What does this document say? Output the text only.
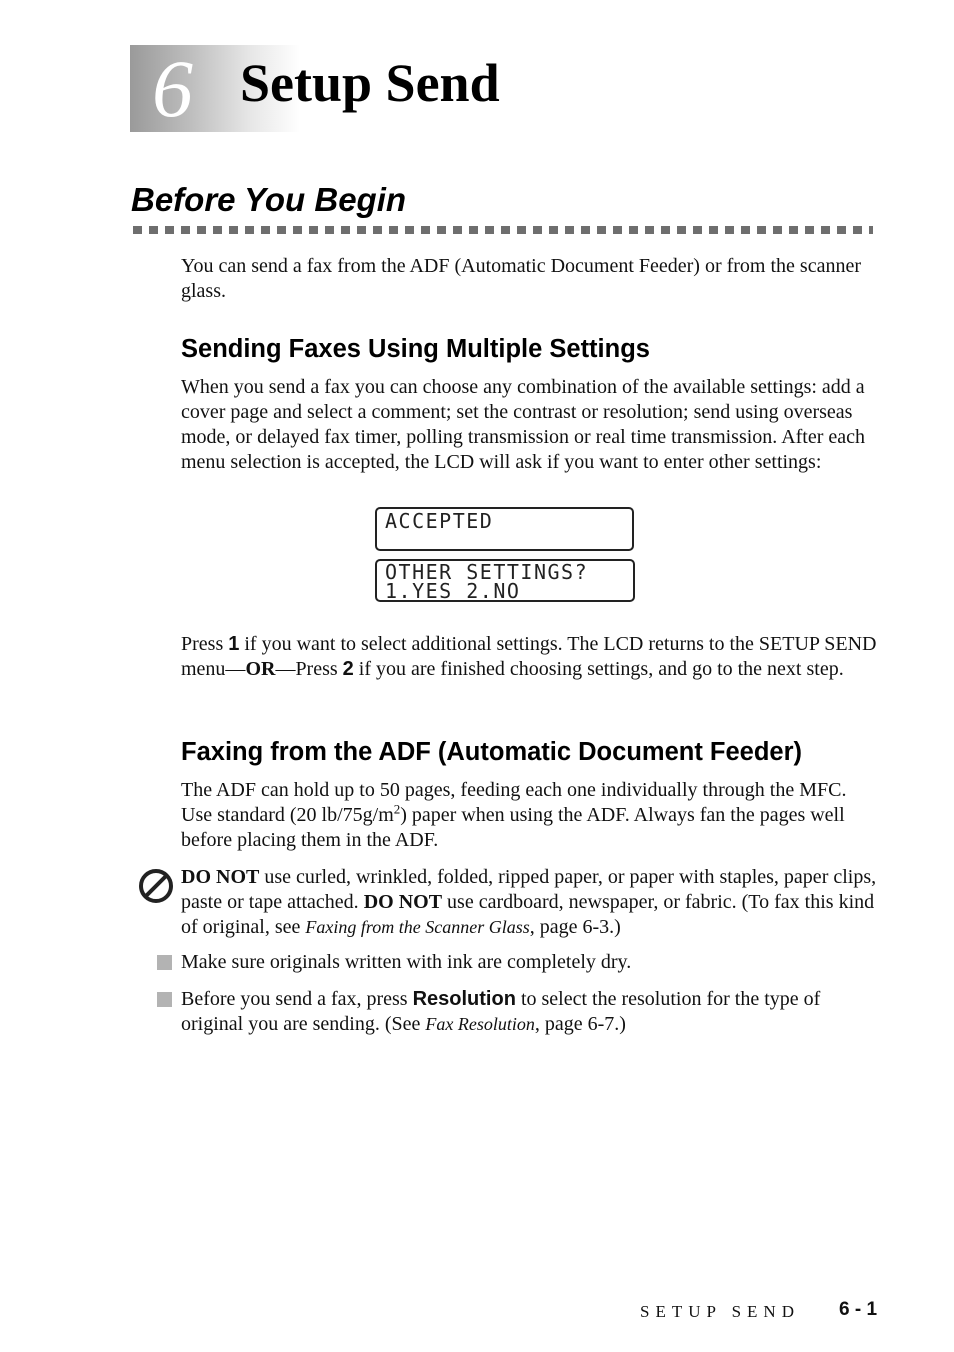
6 Setup Send
Before You Begin
You can send a fax from the ADF (Automatic Document Feeder) or from the scanner glass.
Sending Faxes Using Multiple Settings
When you send a fax you can choose any combination of the available settings: add a cover page and select a comment; set the contrast or resolution; send using overseas mode, or delayed fax timer, polling transmission or real time transmission. After each menu selection is accepted, the LCD will ask if you want to enter other settings:
ACCEPTED
OTHER SETTINGS?
1.YES 2.NO
Press 1 if you want to select additional settings. The LCD returns to the SETUP SEND menu—OR—Press 2 if you are finished choosing settings, and go to the next step.
Faxing from the ADF (Automatic Document Feeder)
The ADF can hold up to 50 pages, feeding each one individually through the MFC. Use standard (20 $lb/75g/m^2$) paper when using the ADF. Always fan the pages well before placing them in the ADF.
DO NOT use curled, wrinkled, folded, ripped paper, or paper with staples, paper clips, paste or tape attached. DO NOT use cardboard, newspaper, or fabric. (To fax this kind of original, see Faxing from the Scanner Glass, page 6-3.)
Make sure originals written with ink are completely dry.
Before you send a fax, press Resolution to select the resolution for the type of original you are sending. (See Fax Resolution, page 6-7.)
SETUP SEND 6 - 1
